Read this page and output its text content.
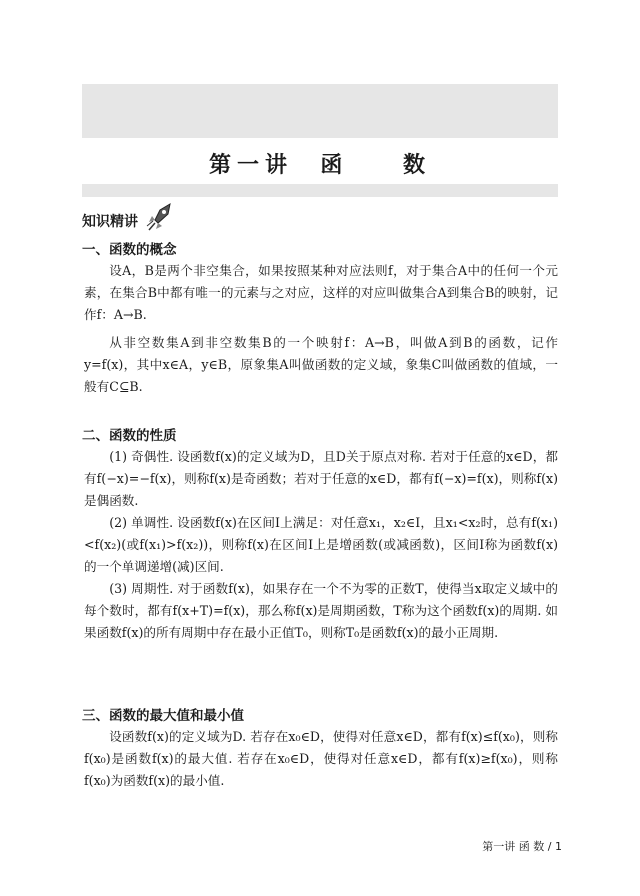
第一讲  函    数
知识精讲
一、函数的概念

设A，B是两个非空集合，如果按照某种对应法则f，对于集合A中的任何一个元素，在集合B中都有唯一的元素与之对应，这样的对应叫做集合A到集合B的映射，记作f：A→B.

从非空数集A到非空数集B的一个映射f：A→B，叫做A到B的函数，记作y=f(x)，其中x∈A，y∈B，原象集A叫做函数的定义域，象集C叫做函数的值域，一般有C⊆B.

二、函数的性质

(1) 奇偶性. 设函数f(x)的定义域为D，且D关于原点对称. 若对于任意的x∈D，都有f(−x)=−f(x)，则称f(x)是奇函数；若对于任意的x∈D，都有f(−x)=f(x)，则称f(x)是偶函数.

(2) 单调性. 设函数f(x)在区间I上满足：对任意x₁，x₂∈I，且x₁<x₂时，总有f(x₁)<f(x₂)(或f(x₁)>f(x₂))，则称f(x)在区间I上是增函数(或减函数)，区间I称为函数f(x)的一个单调递增(减)区间.

(3) 周期性. 对于函数f(x)，如果存在一个不为零的正数T，使得当x取定义域中的每个数时，都有f(x+T)=f(x)，那么称f(x)是周期函数，T称为这个函数f(x)的周期. 如果函数f(x)的所有周期中存在最小正值T₀，则称T₀是函数f(x)的最小正周期.

三、函数的最大值和最小值

设函数f(x)的定义域为D. 若存在x₀∈D，使得对任意x∈D，都有f(x)≤f(x₀)，则称f(x₀)是函数f(x)的最大值. 若存在x₀∈D，使得对任意x∈D，都有f(x)≥f(x₀)，则称f(x₀)为函数f(x)的最小值.

第一讲 函 数 / 1
